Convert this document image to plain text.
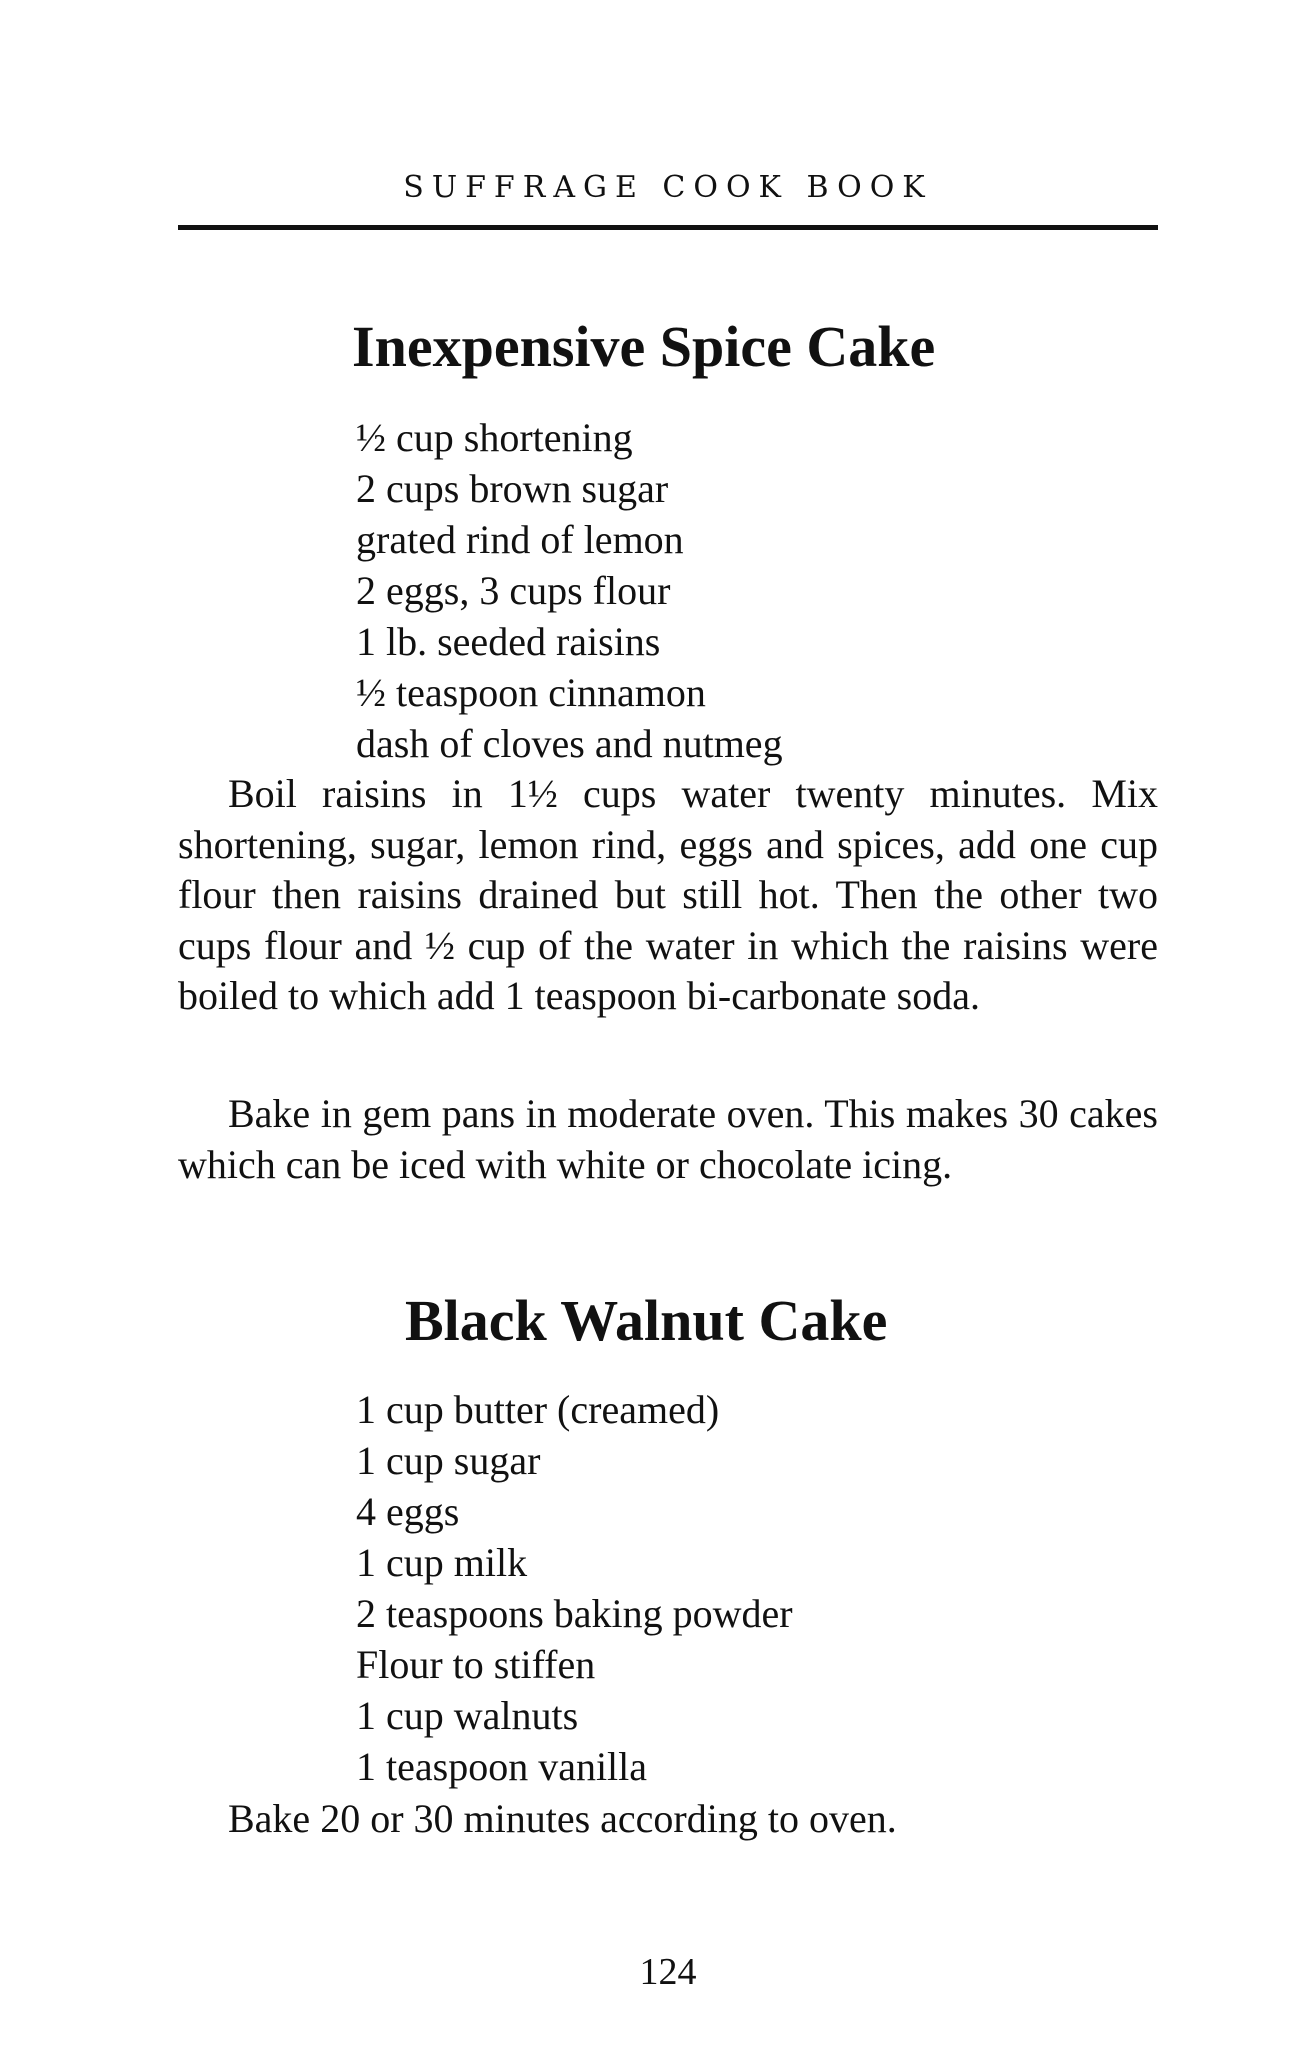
SUFFRAGE COOK BOOK
Inexpensive Spice Cake
½ cup shortening
2 cups brown sugar
grated rind of lemon
2 eggs, 3 cups flour
1 lb. seeded raisins
½ teaspoon cinnamon
dash of cloves and nutmeg

Boil raisins in 1½ cups water twenty minutes. Mix shortening, sugar, lemon rind, eggs and spices, add one cup flour then raisins drained but still hot. Then the other two cups flour and ½ cup of the water in which the raisins were boiled to which add 1 teaspoon bi-carbonate soda.

Bake in gem pans in moderate oven. This makes 30 cakes which can be iced with white or chocolate icing.

Black Walnut Cake
1 cup butter (creamed)
1 cup sugar
4 eggs
1 cup milk
2 teaspoons baking powder
Flour to stiffen
1 cup walnuts
1 teaspoon vanilla

Bake 20 or 30 minutes according to oven.

124
